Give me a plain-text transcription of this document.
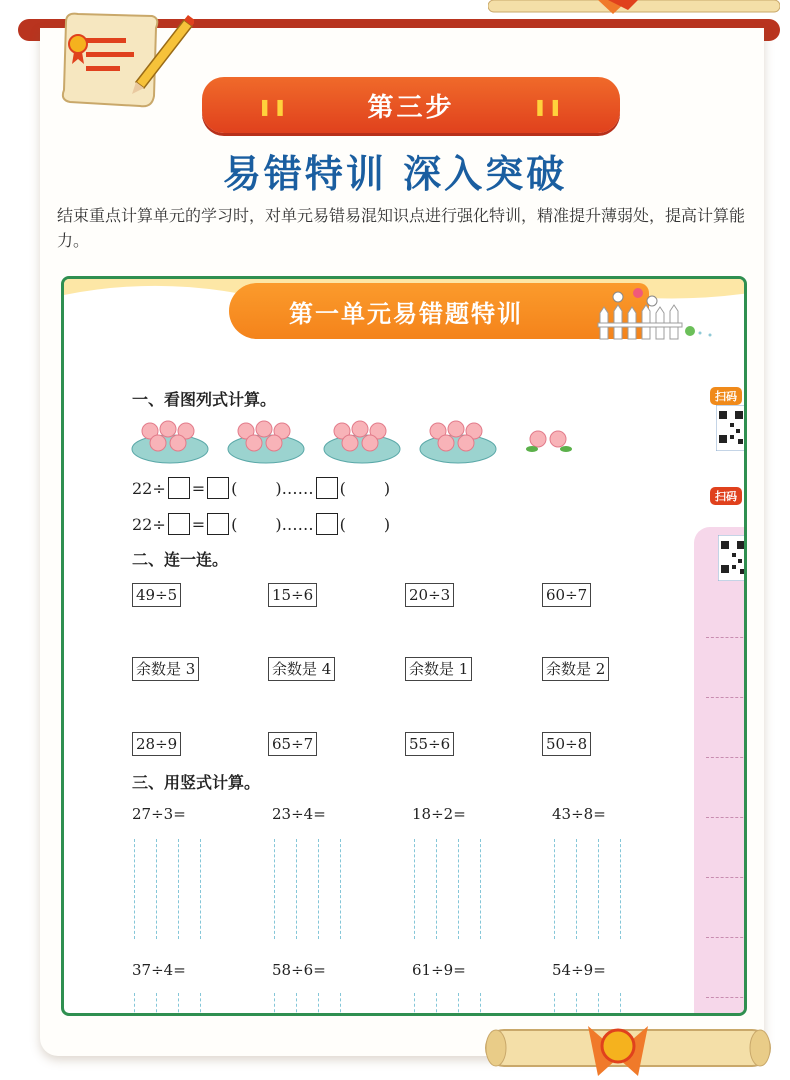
❚❚	第三步	❚❚
易错特训 深入突破
结束重点计算单元的学习时，对单元易错易混知识点进行强化特训，精准提升薄弱处，提高计算能力。
第一单元易错题特训
一、看图列式计算。
22÷ = ( )…… ( )
22÷ = ( )…… ( )
二、连一连。
49÷5	15÷6	20÷3	60÷7
余数是 3	余数是 4	余数是 1	余数是 2
28÷9	65÷7	55÷6	50÷8
三、用竖式计算。
27÷3=	23÷4=	18÷2=	43÷8=
37÷4=	58÷6=	61÷9=	54÷9=
扫码
扫码
